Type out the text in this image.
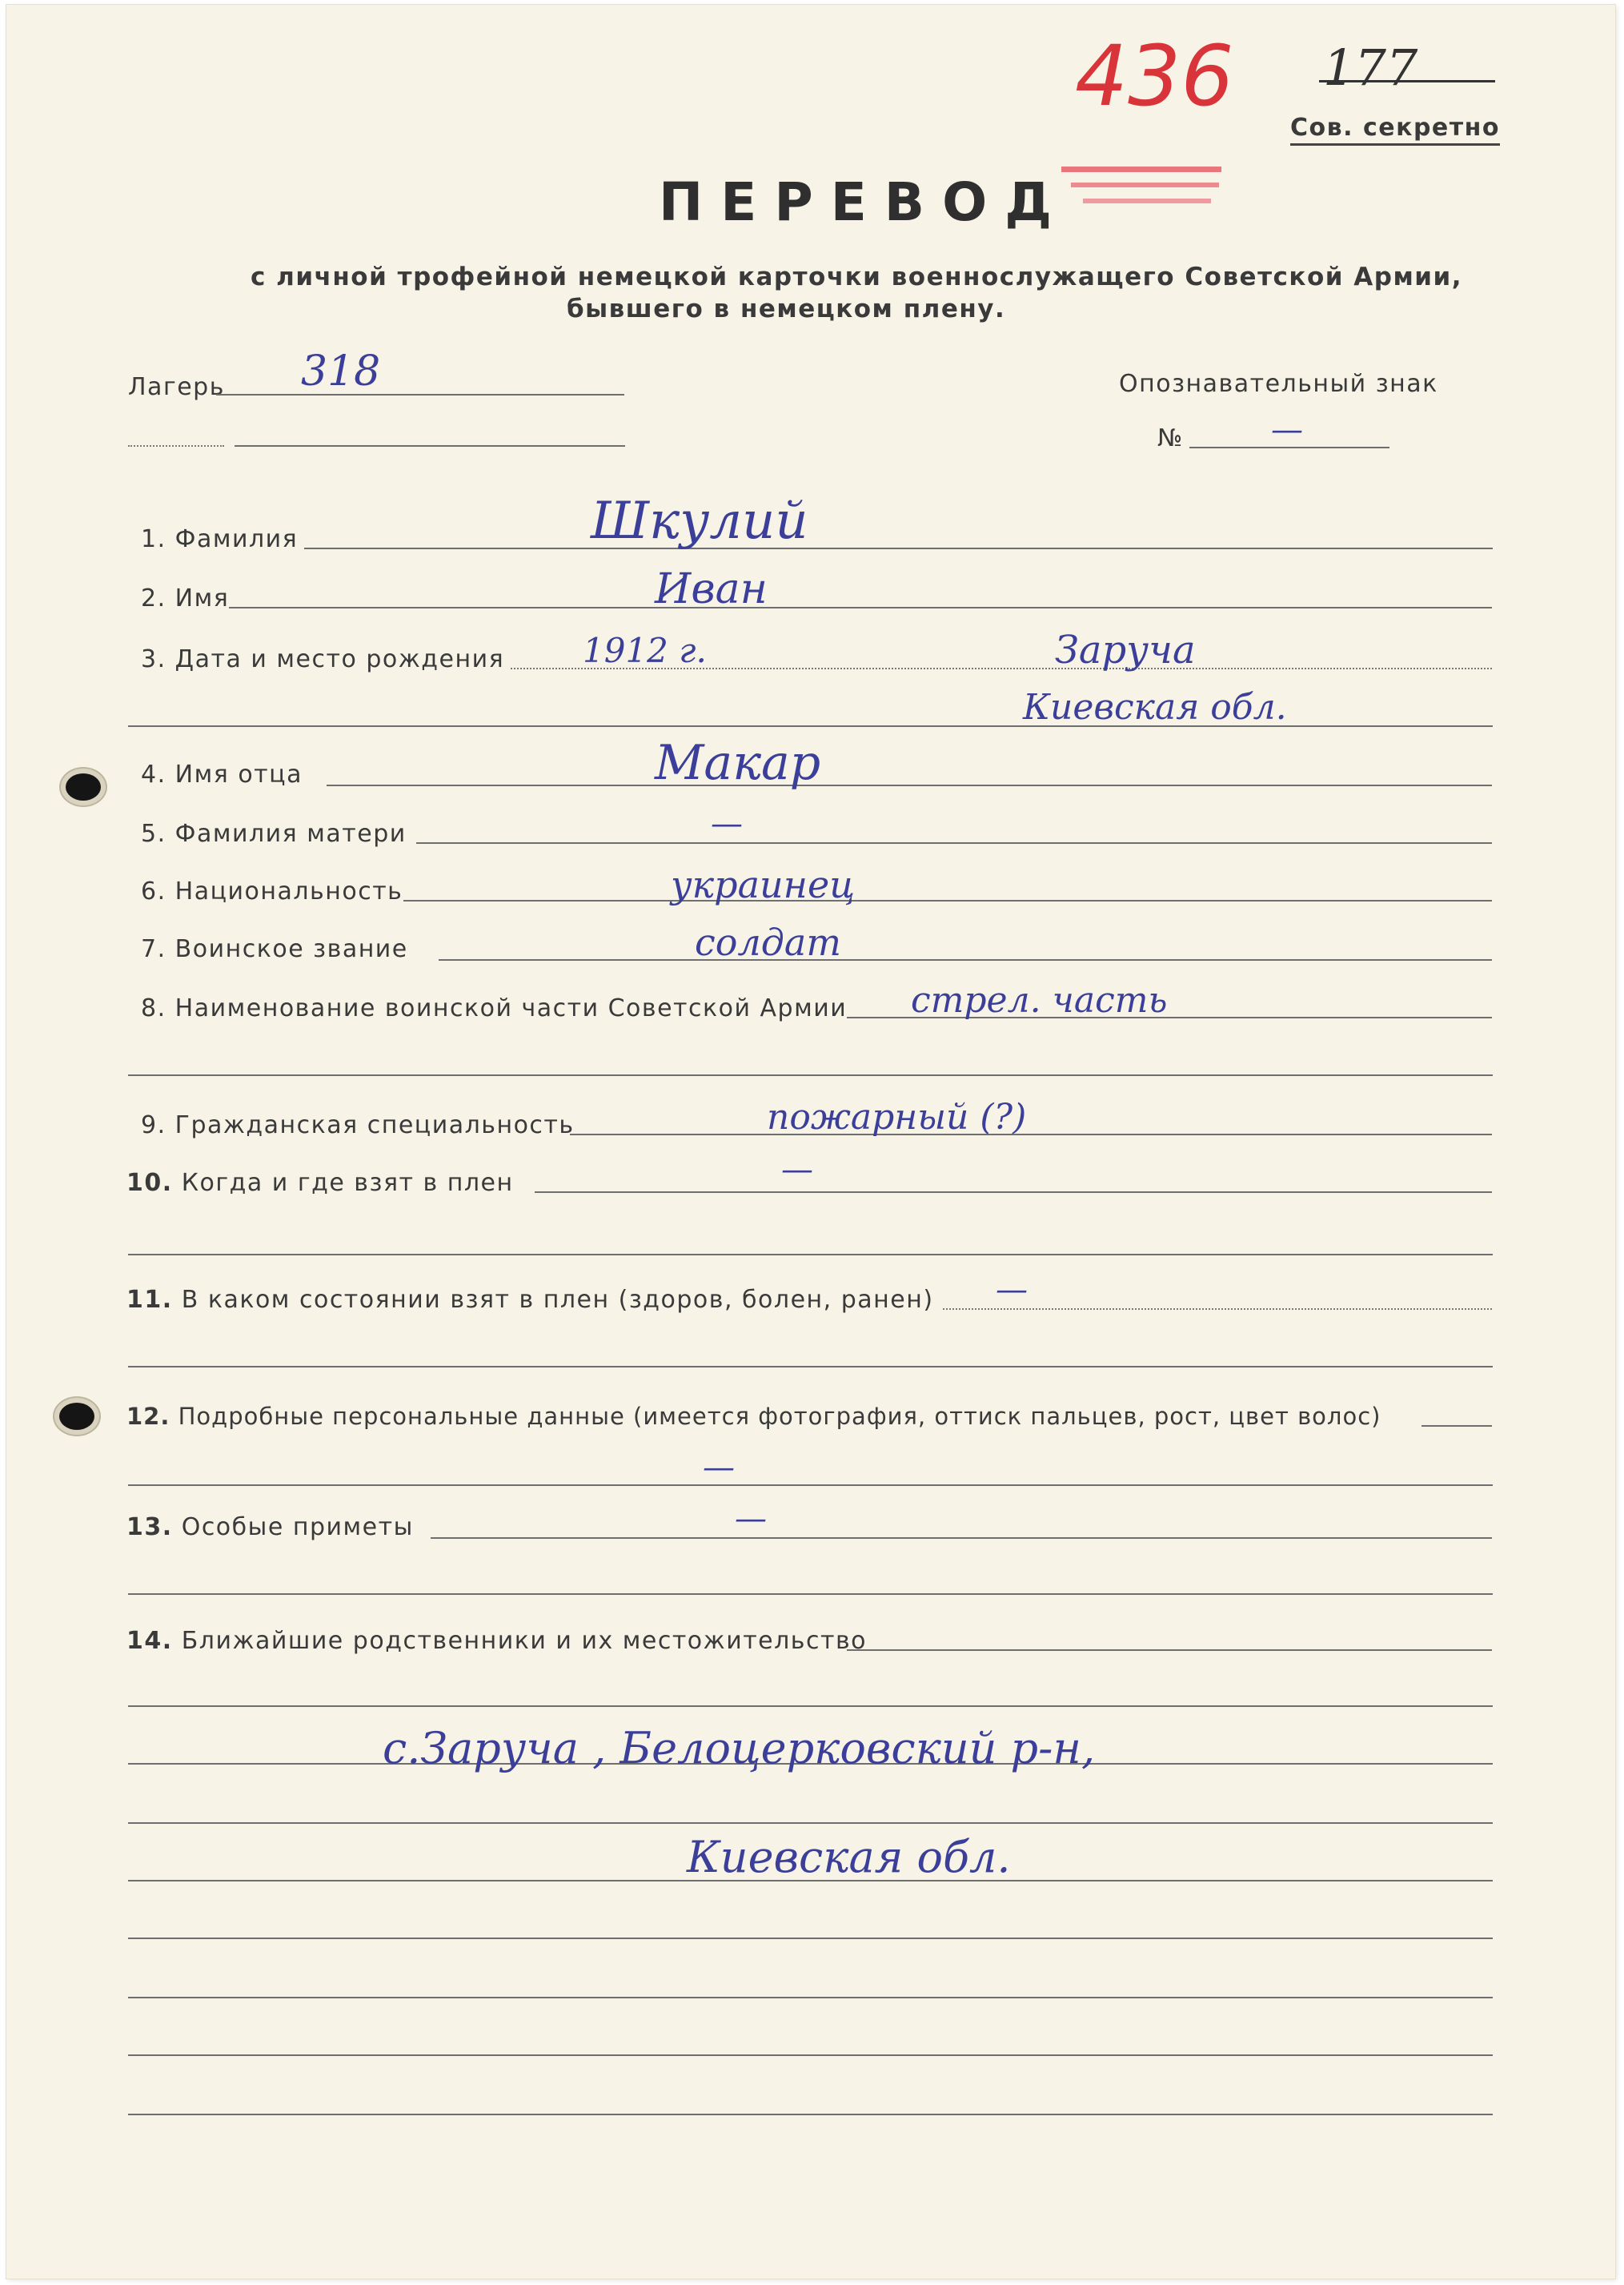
436 177
Сов. секретно
ПЕРЕВОД
с личной трофейной немецкой карточки военнослужащего Советской Армии,
бывшего в немецком плену.
Лагерь 318	Опознавательный знак
№	—
1. Фамилия	Шкулий
2. Имя	Иван
3. Дата и место рождения 1912 г.	Заруча
Киевская обл.
4. Имя отца	Макар
5. Фамилия матери	—
6. Национальность	украинец
7. Воинское звание	солдат
8. Наименование воинской части Советской Армии стрел. часть
9. Гражданская специальность	пожарный (?)
10. Когда и где взят в плен	—
11. В каком состоянии взят в плен (здоров, болен, ранен) —
12. Подробные персональные данные (имеется фотография, оттиск пальцев, рост, цвет волос)
—
13. Особые приметы	—
14. Ближайшие родственники и их местожительство
с.Заруча , Белоцерковский р-н,
Киевская обл.
